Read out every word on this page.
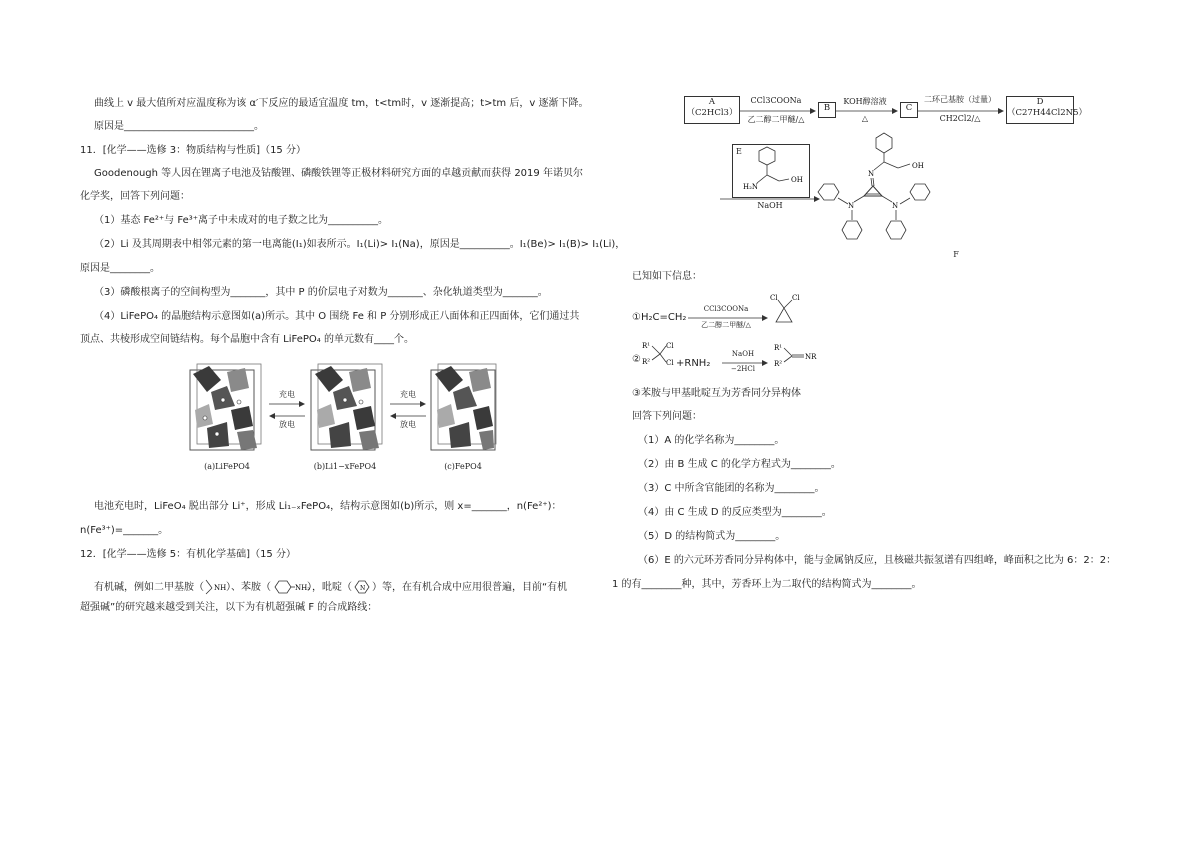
曲线上 v 最大值所对应温度称为该 α′下反应的最适宜温度 tm，t<tm时，v 逐渐提高；t>tm 后，v 逐渐下降。
原因是__________________________。
11．[化学——选修 3：物质结构与性质]（15 分）
Goodenough 等人因在锂离子电池及钴酸锂、磷酸铁锂等正极材料研究方面的卓越贡献而获得 2019 年诺贝尔
化学奖，回答下列问题：
（1）基态 Fe²⁺与 Fe³⁺离子中未成对的电子数之比为__________。
（2）Li 及其周期表中相邻元素的第一电离能(I₁)如表所示。I₁(Li)> I₁(Na)，原因是__________。I₁(Be)> I₁(B)> I₁(Li)，
原因是________。
（3）磷酸根离子的空间构型为_______，其中 P 的价层电子对数为_______、杂化轨道类型为_______。
（4）LiFePO₄ 的晶胞结构示意图如(a)所示。其中 O 围绕 Fe 和 P 分别形成正八面体和正四面体，它们通过共
顶点、共棱形成空间链结构。每个晶胞中含有 LiFePO₄ 的单元数有____个。
充电
放电
充电
放电
(a)LiFePO4	(b)Li1−xFePO4	(c)FePO4
电池充电时，LiFeO₄ 脱出部分 Li⁺，形成 Li₁₋ₓFePO₄，结构示意图如(b)所示，则 x=_______，n(Fe²⁺)：
n(Fe³⁺)=_______。
12．[化学——选修 5：有机化学基础]（15 分）
有机碱，例如二甲基胺（ NH ）、苯胺（	NH₂
），吡啶（ N ）等，在有机合成中应用很普遍，目前“有机
超强碱”的研究越来越受到关注，以下为有机超强碱 F 的合成路线：
A
（C2HCl3）
CCl3COONa
乙二醇二甲醚/△
B
KOH醇溶液
△
C
二环己基胺（过量）
CH2Cl2/△
D
（C27H44Cl2N5）
E
H₂N
OH
NaOH
OH
N
N	N
F
已知如下信息：
①H₂C=CH₂
CCl3COONa
乙二醇二甲醚/△
Cl Cl
②
R¹
R²
Cl
Cl +RNH₂
NaOH
−2HCl
R¹
R²
NR
③苯胺与甲基吡啶互为芳香同分异构体
回答下列问题：
（1）A 的化学名称为________。
（2）由 B 生成 C 的化学方程式为________。
（3）C 中所含官能团的名称为________。
（4）由 C 生成 D 的反应类型为________。
（5）D 的结构简式为________。
（6）E 的六元环芳香同分异构体中，能与金属钠反应，且核磁共振氢谱有四组峰，峰面积之比为 6：2：2：
1 的有________种，其中，芳香环上为二取代的结构简式为________。
